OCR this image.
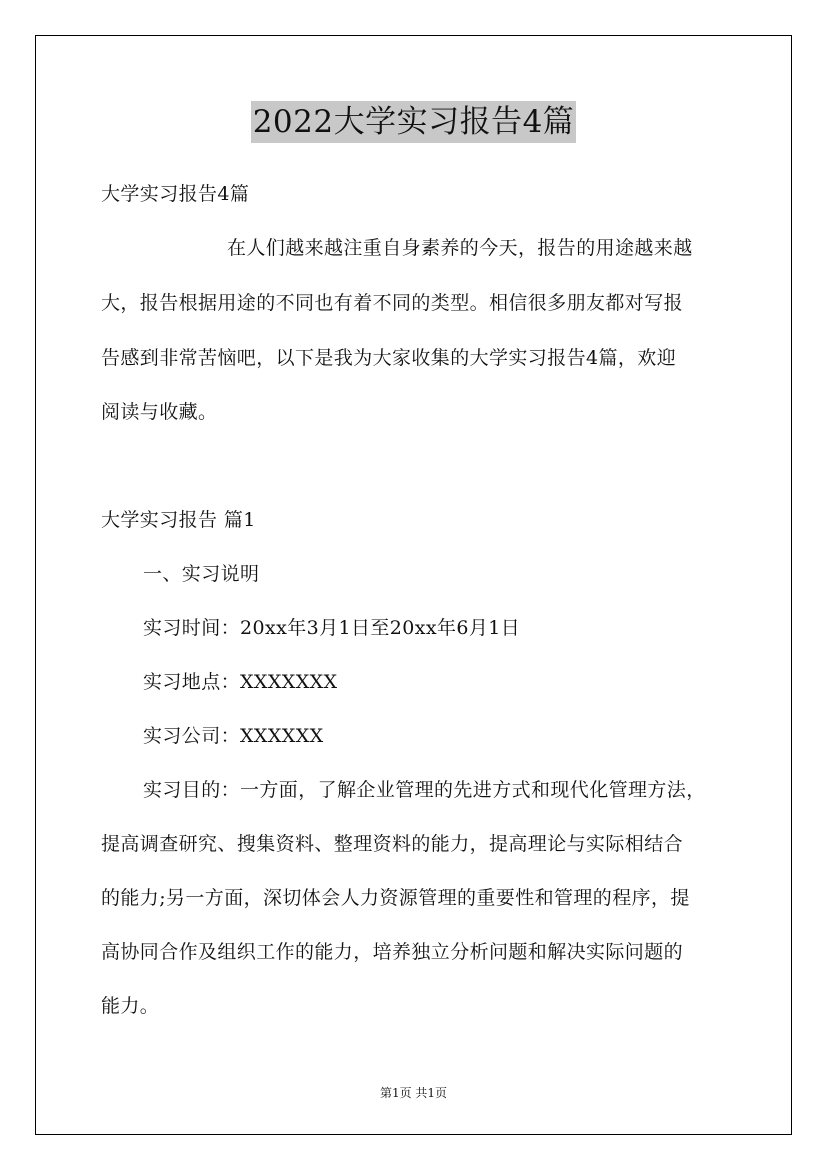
2022大学实习报告4篇
大学实习报告4篇
在人们越来越注重自身素养的今天，报告的用途越来越
大，报告根据用途的不同也有着不同的类型。相信很多朋友都对写报
告感到非常苦恼吧，以下是我为大家收集的大学实习报告4篇，欢迎
阅读与收藏。
大学实习报告 篇1
一、实习说明
实习时间：20xx年3月1日至20xx年6月1日
实习地点：XXXXXXX
实习公司：XXXXXX
实习目的：一方面，了解企业管理的先进方式和现代化管理方法，
提高调查研究、搜集资料、整理资料的能力，提高理论与实际相结合
的能力;另一方面，深切体会人力资源管理的重要性和管理的程序，提
高协同合作及组织工作的能力，培养独立分析问题和解决实际问题的
能力。
第1页 共1页
